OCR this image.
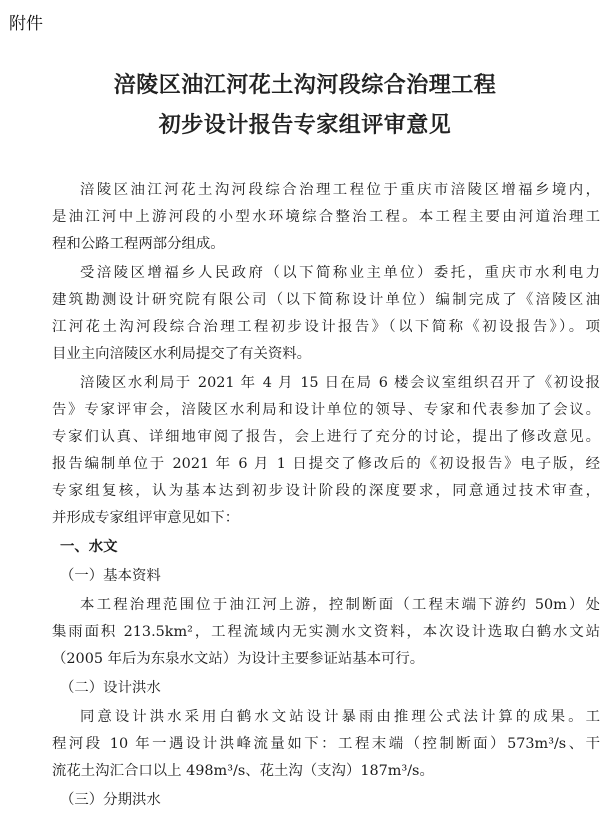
附件
涪陵区油江河花土沟河段综合治理工程
初步设计报告专家组评审意见
涪陵区油江河花土沟河段综合治理工程位于重庆市涪陵区增福乡境内，
是油江河中上游河段的小型水环境综合整治工程。本工程主要由河道治理工
程和公路工程两部分组成。
受涪陵区增福乡人民政府（以下简称业主单位）委托，重庆市水利电力
建筑勘测设计研究院有限公司（以下简称设计单位）编制完成了《涪陵区油
江河花土沟河段综合治理工程初步设计报告》（以下简称《初设报告》）。项
目业主向涪陵区水利局提交了有关资料。
涪陵区水利局于 2021 年 4 月 15 日在局 6 楼会议室组织召开了《初设报
告》专家评审会，涪陵区水利局和设计单位的领导、专家和代表参加了会议。
专家们认真、详细地审阅了报告，会上进行了充分的讨论，提出了修改意见。
报告编制单位于 2021 年 6 月 1 日提交了修改后的《初设报告》电子版，经
专家组复核，认为基本达到初步设计阶段的深度要求，同意通过技术审查，
并形成专家组评审意见如下：
一、水文
（一）基本资料
本工程治理范围位于油江河上游，控制断面（工程末端下游约 50m）处
集雨面积 213.5km²，工程流域内无实测水文资料，本次设计选取白鹤水文站
（2005 年后为东泉水文站）为设计主要参证站基本可行。
（二）设计洪水
同意设计洪水采用白鹤水文站设计暴雨由推理公式法计算的成果。工
程河段 10 年一遇设计洪峰流量如下：工程末端（控制断面）573m³/s、干
流花土沟汇合口以上 498m³/s、花土沟（支沟）187m³/s。
（三）分期洪水
